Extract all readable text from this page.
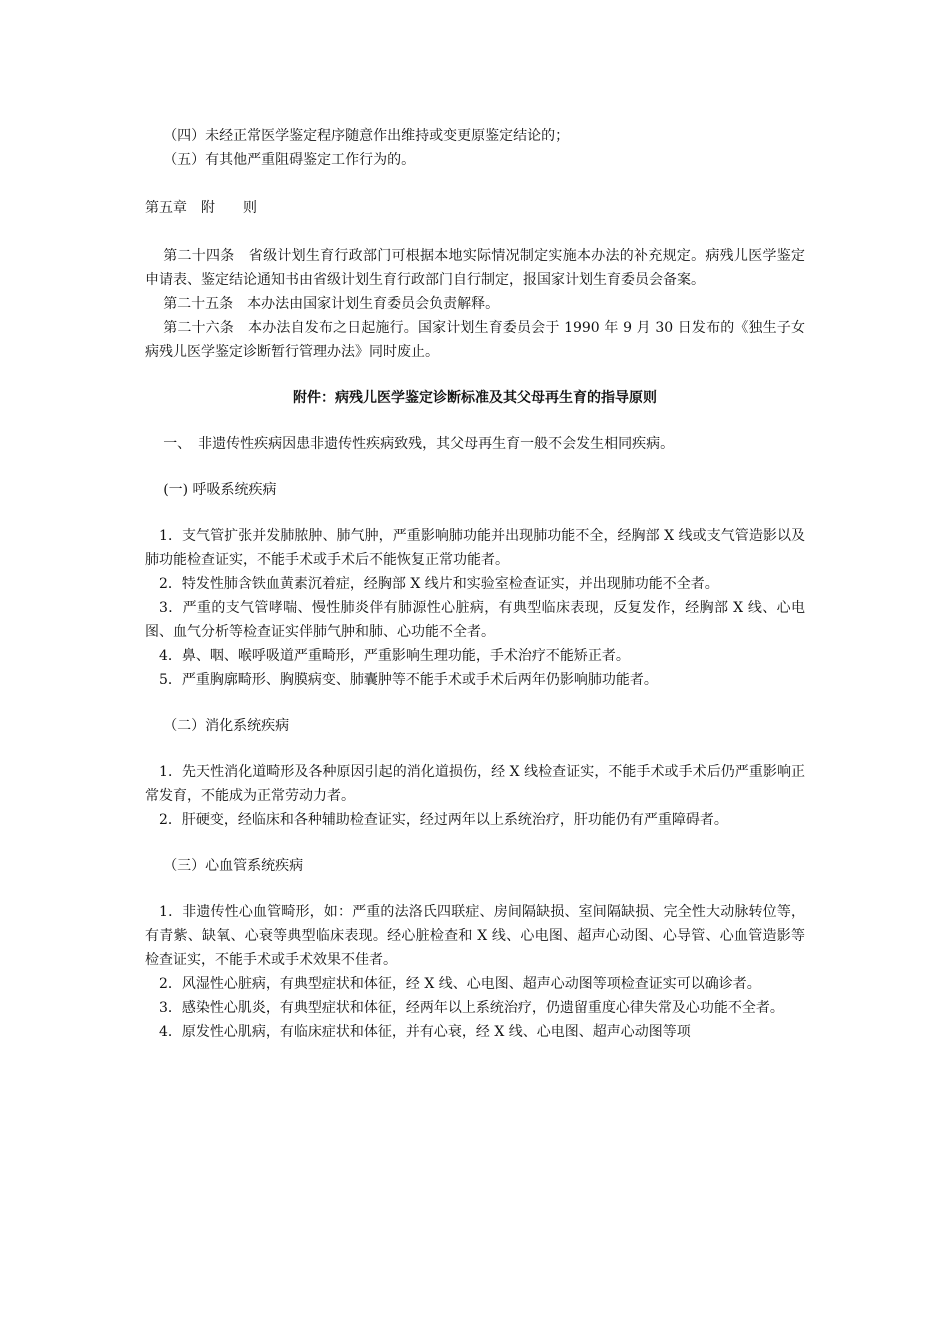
（四）未经正常医学鉴定程序随意作出维持或变更原鉴定结论的；

（五）有其他严重阻碍鉴定工作行为的。

第五章　附　　则

第二十四条　省级计划生育行政部门可根据本地实际情况制定实施本办法的补充规定。病残儿医学鉴定申请表、鉴定结论通知书由省级计划生育行政部门自行制定，报国家计划生育委员会备案。

第二十五条　本办法由国家计划生育委员会负责解释。

第二十六条　本办法自发布之日起施行。国家计划生育委员会于 1990 年 9 月 30 日发布的《独生子女病残儿医学鉴定诊断暂行管理办法》同时废止。

附件：病残儿医学鉴定诊断标准及其父母再生育的指导原则

一、　非遗传性疾病因患非遗传性疾病致残，其父母再生育一般不会发生相同疾病。

(一) 呼吸系统疾病

1．支气管扩张并发肺脓肿、肺气肿，严重影响肺功能并出现肺功能不全，经胸部 X 线或支气管造影以及肺功能检查证实，不能手术或手术后不能恢复正常功能者。

2．特发性肺含铁血黄素沉着症，经胸部 X 线片和实验室检查证实，并出现肺功能不全者。

3．严重的支气管哮喘、慢性肺炎伴有肺源性心脏病，有典型临床表现，反复发作，经胸部 X 线、心电图、血气分析等检查证实伴肺气肿和肺、心功能不全者。

4．鼻、咽、喉呼吸道严重畸形，严重影响生理功能，手术治疗不能矫正者。

5．严重胸廓畸形、胸膜病变、肺囊肿等不能手术或手术后两年仍影响肺功能者。

（二）消化系统疾病

1．先天性消化道畸形及各种原因引起的消化道损伤，经 X 线检查证实，不能手术或手术后仍严重影响正常发育，不能成为正常劳动力者。

2．肝硬变，经临床和各种辅助检查证实，经过两年以上系统治疗，肝功能仍有严重障碍者。

（三）心血管系统疾病

1．非遗传性心血管畸形，如：严重的法洛氏四联症、房间隔缺损、室间隔缺损、完全性大动脉转位等，有青紫、缺氧、心衰等典型临床表现。经心脏检查和 X 线、心电图、超声心动图、心导管、心血管造影等检查证实，不能手术或手术效果不佳者。

2．风湿性心脏病，有典型症状和体征，经 X 线、心电图、超声心动图等项检查证实可以确诊者。

3．感染性心肌炎，有典型症状和体征，经两年以上系统治疗，仍遗留重度心律失常及心功能不全者。

4．原发性心肌病，有临床症状和体征，并有心衰，经 X 线、心电图、超声心动图等项
